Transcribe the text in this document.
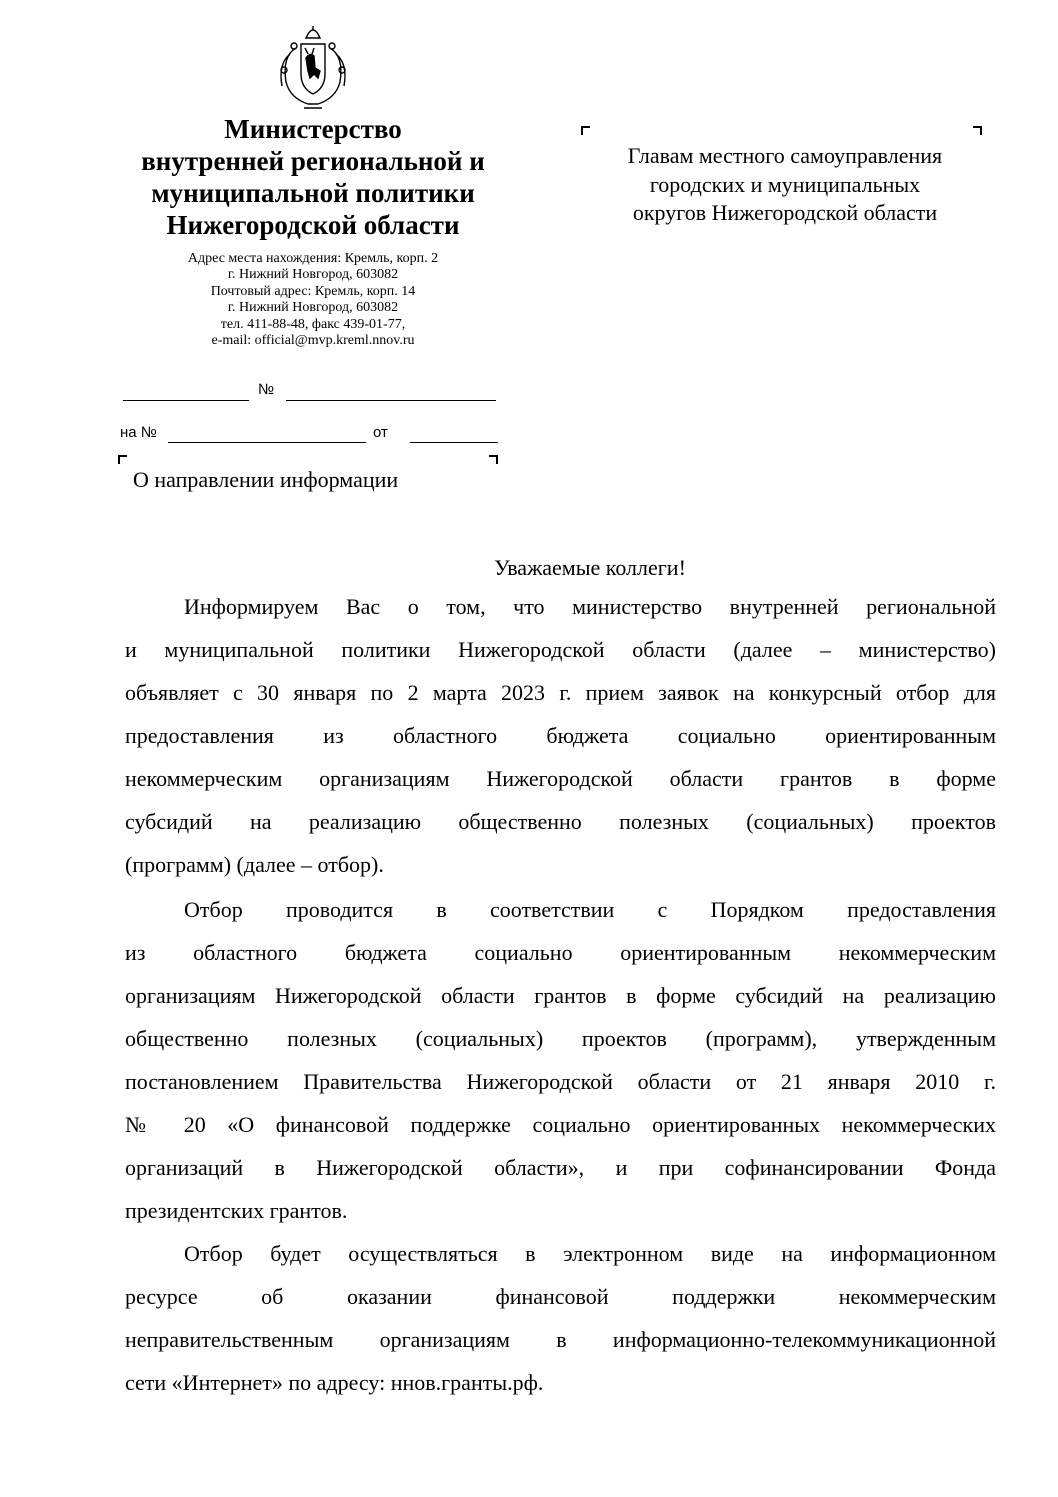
Министерство
внутренней региональной и
муниципальной политики
Нижегородской области
Адрес места нахождения: Кремль, корп. 2
г. Нижний Новгород, 603082
Почтовый адрес: Кремль, корп. 14
г. Нижний Новгород, 603082
тел. 411-88-48, факс 439-01-77,
e-mail: official@mvp.kreml.nnov.ru
№
на №	от
О направлении информации
Главам местного самоуправления
городских и муниципальных
округов Нижегородской области
Уважаемые коллеги!
Информируем Вас о том, что министерство внутренней региональной
и муниципальной политики Нижегородской области (далее – министерство)
объявляет с 30 января по 2 марта 2023 г. прием заявок на конкурсный отбор для
предоставления из областного бюджета социально ориентированным
некоммерческим организациям Нижегородской области грантов в форме
субсидий на реализацию общественно полезных (социальных) проектов
(программ) (далее – отбор).
Отбор проводится в соответствии с Порядком предоставления
из областного бюджета социально ориентированным некоммерческим
организациям Нижегородской области грантов в форме субсидий на реализацию
общественно полезных (социальных) проектов (программ), утвержденным
постановлением Правительства Нижегородской области от 21 января 2010 г.
№ 20 «О финансовой поддержке социально ориентированных некоммерческих
организаций в Нижегородской области», и при софинансировании Фонда
президентских грантов.
Отбор будет осуществляться в электронном виде на информационном
ресурсе об оказании финансовой поддержки некоммерческим
неправительственным организациям в информационно-телекоммуникационной
сети «Интернет» по адресу: ннов.гранты.рф.
